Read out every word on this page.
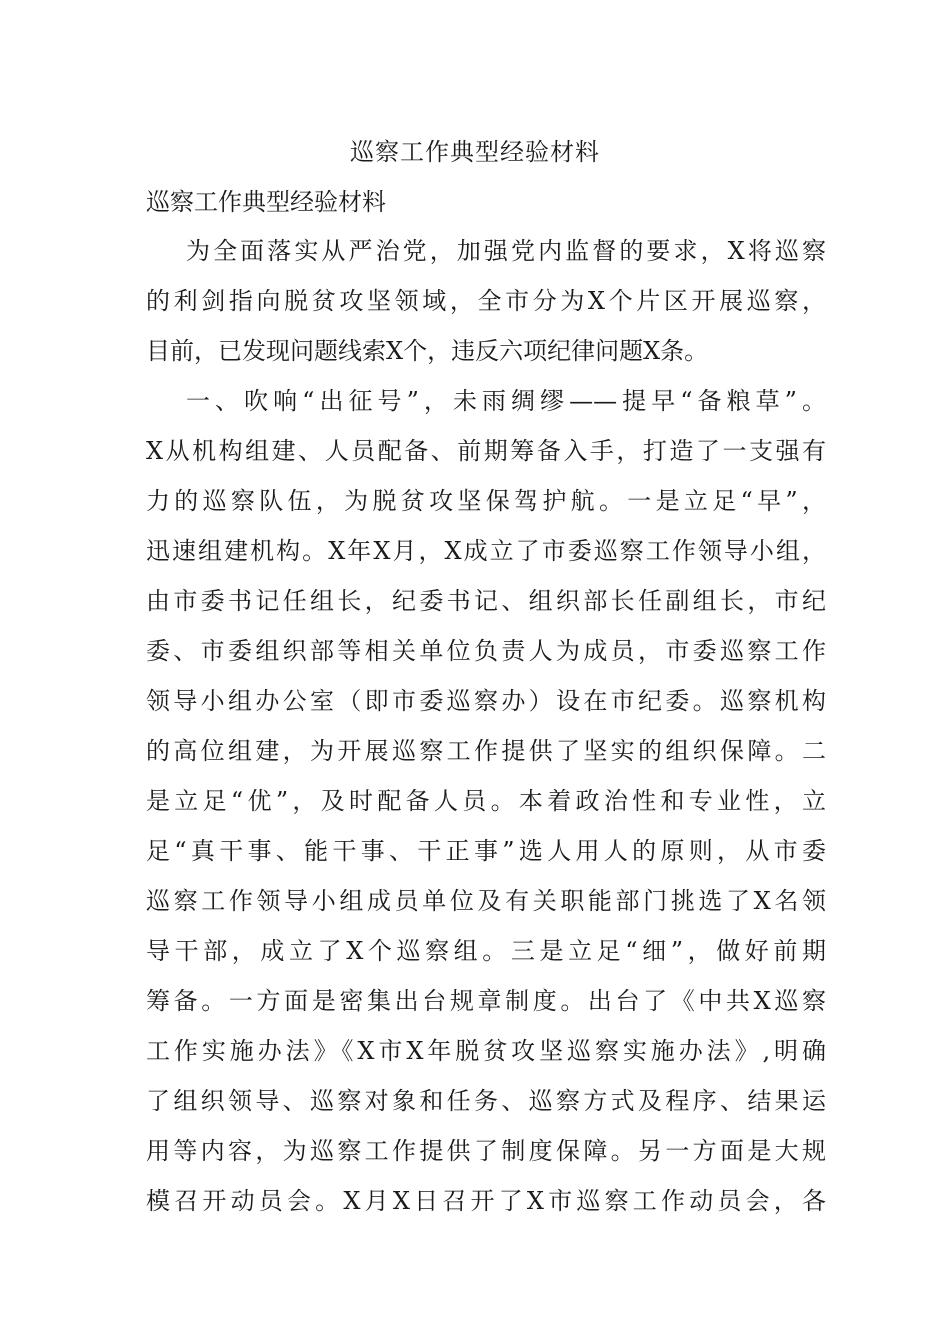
巡察工作典型经验材料
巡察工作典型经验材料
为全面落实从严治党，加强党内监督的要求，X将巡察
的利剑指向脱贫攻坚领域，全市分为X个片区开展巡察，
目前，已发现问题线索X个，违反六项纪律问题X条。
一、吹响“出征号”，未雨绸缪——提早“备粮草”。
X从机构组建、人员配备、前期筹备入手，打造了一支强有
力的巡察队伍，为脱贫攻坚保驾护航。一是立足“早”，
迅速组建机构。X年X月，X成立了市委巡察工作领导小组，
由市委书记任组长，纪委书记、组织部长任副组长，市纪
委、市委组织部等相关单位负责人为成员，市委巡察工作
领导小组办公室（即市委巡察办）设在市纪委。巡察机构
的高位组建，为开展巡察工作提供了坚实的组织保障。二
是立足“优”，及时配备人员。本着政治性和专业性，立
足“真干事、能干事、干正事”选人用人的原则，从市委
巡察工作领导小组成员单位及有关职能部门挑选了X名领
导干部，成立了X个巡察组。三是立足“细”，做好前期
筹备。一方面是密集出台规章制度。出台了《中共X巡察
工作实施办法》《X市X年脱贫攻坚巡察实施办法》,明确
了组织领导、巡察对象和任务、巡察方式及程序、结果运
用等内容，为巡察工作提供了制度保障。另一方面是大规
模召开动员会。X月X日召开了X市巡察工作动员会，各
